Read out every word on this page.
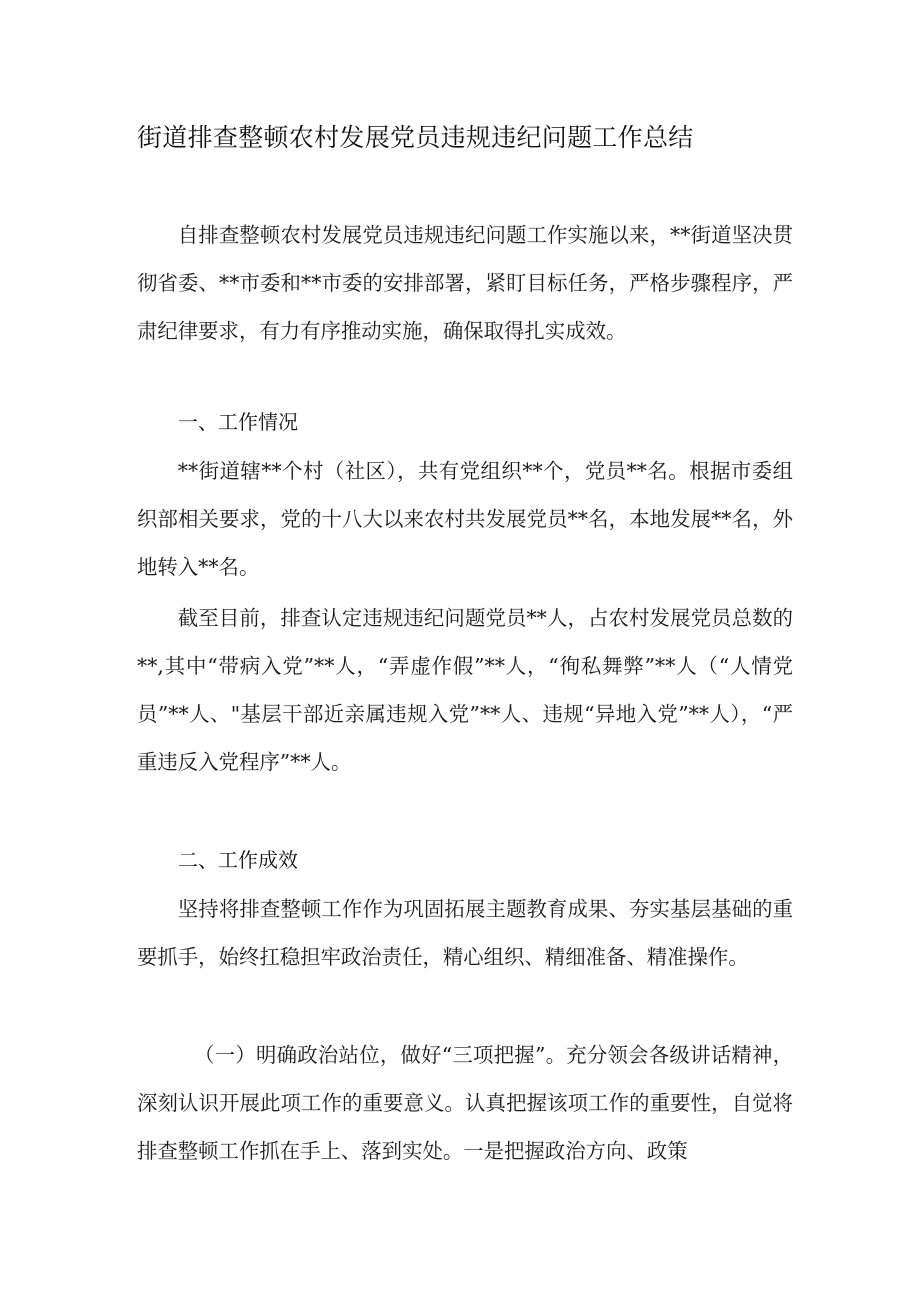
街道排查整顿农村发展党员违规违纪问题工作总结
自排查整顿农村发展党员违规违纪问题工作实施以来，**街道坚决贯彻省委、**市委和**市委的安排部署，紧盯目标任务，严格步骤程序，严肃纪律要求，有力有序推动实施，确保取得扎实成效。
一、工作情况
**街道辖**个村（社区），共有党组织**个，党员**名。根据市委组织部相关要求，党的十八大以来农村共发展党员**名，本地发展**名，外地转入**名。
截至目前，排查认定违规违纪问题党员**人，占农村发展党员总数的**,其中“带病入党”**人，“弄虚作假”**人，“徇私舞弊”**人（“人情党员”**人、"基层干部近亲属违规入党”**人、违规“异地入党”**人），“严重违反入党程序”**人。
二、工作成效
坚持将排查整顿工作作为巩固拓展主题教育成果、夯实基层基础的重要抓手，始终扛稳担牢政治责任，精心组织、精细准备、精准操作。
（一）明确政治站位，做好“三项把握”。充分领会各级讲话精神，深刻认识开展此项工作的重要意义。认真把握该项工作的重要性，自觉将排查整顿工作抓在手上、落到实处。一是把握政治方向、政策
